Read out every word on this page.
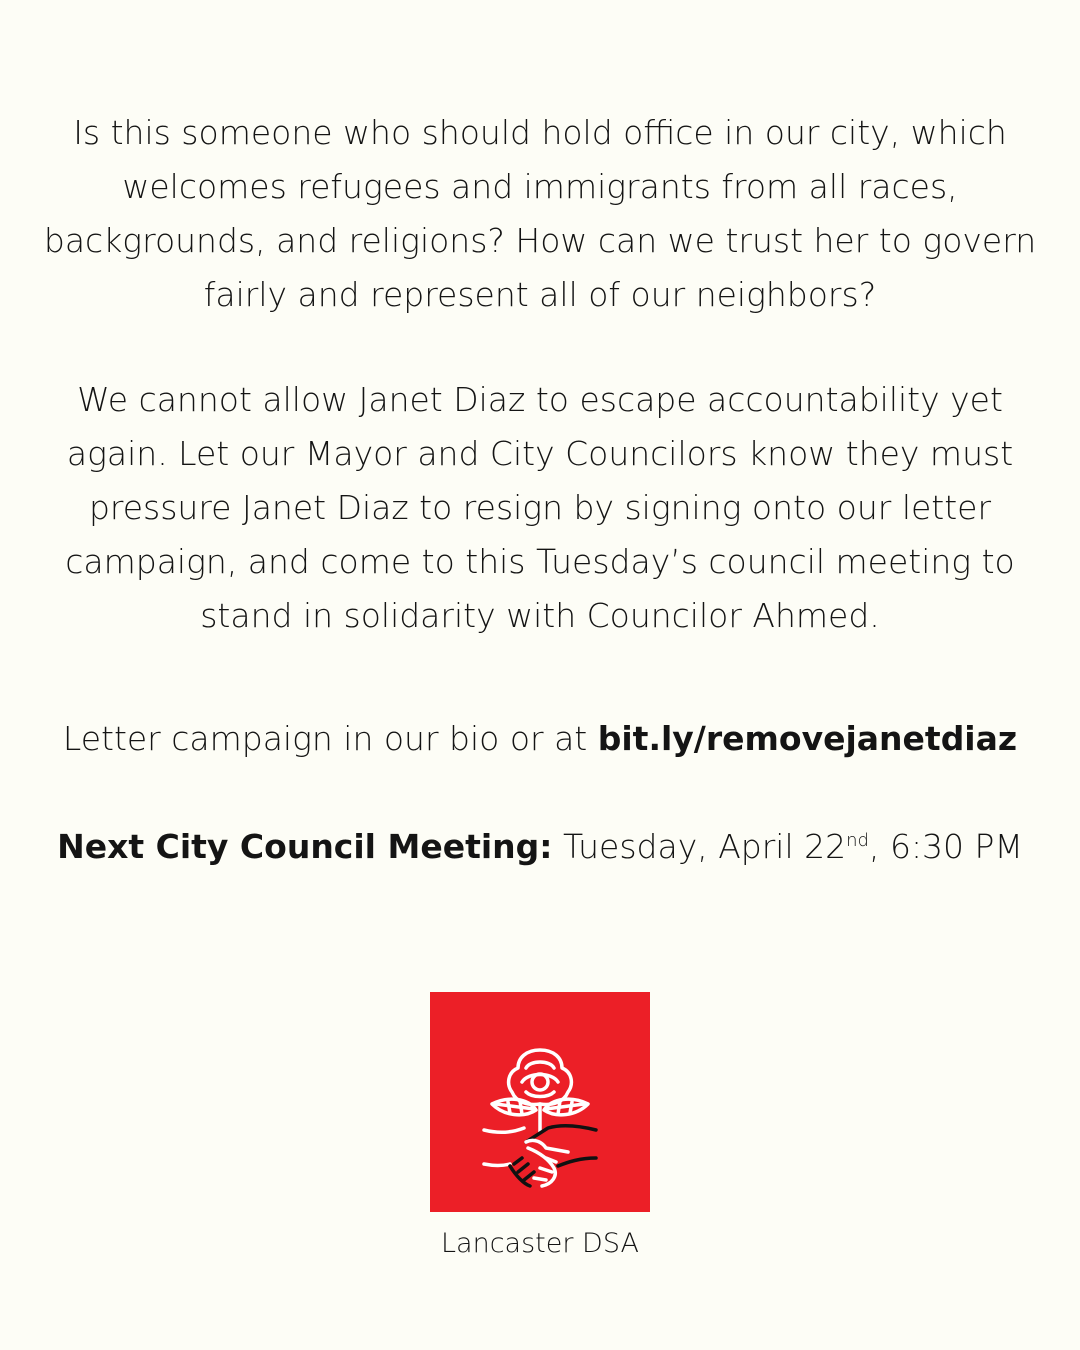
Is this someone who should hold office in our city, which welcomes refugees and immigrants from all races, backgrounds, and religions? How can we trust her to govern fairly and represent all of our neighbors?

We cannot allow Janet Diaz to escape accountability yet again. Let our Mayor and City Councilors know they must pressure Janet Diaz to resign by signing onto our letter campaign, and come to this Tuesday’s council meeting to stand in solidarity with Councilor Ahmed.

Letter campaign in our bio or at bit.ly/removejanetdiaz

Next City Council Meeting: Tuesday, April 22nd, 6:30 PM

Lancaster DSA
